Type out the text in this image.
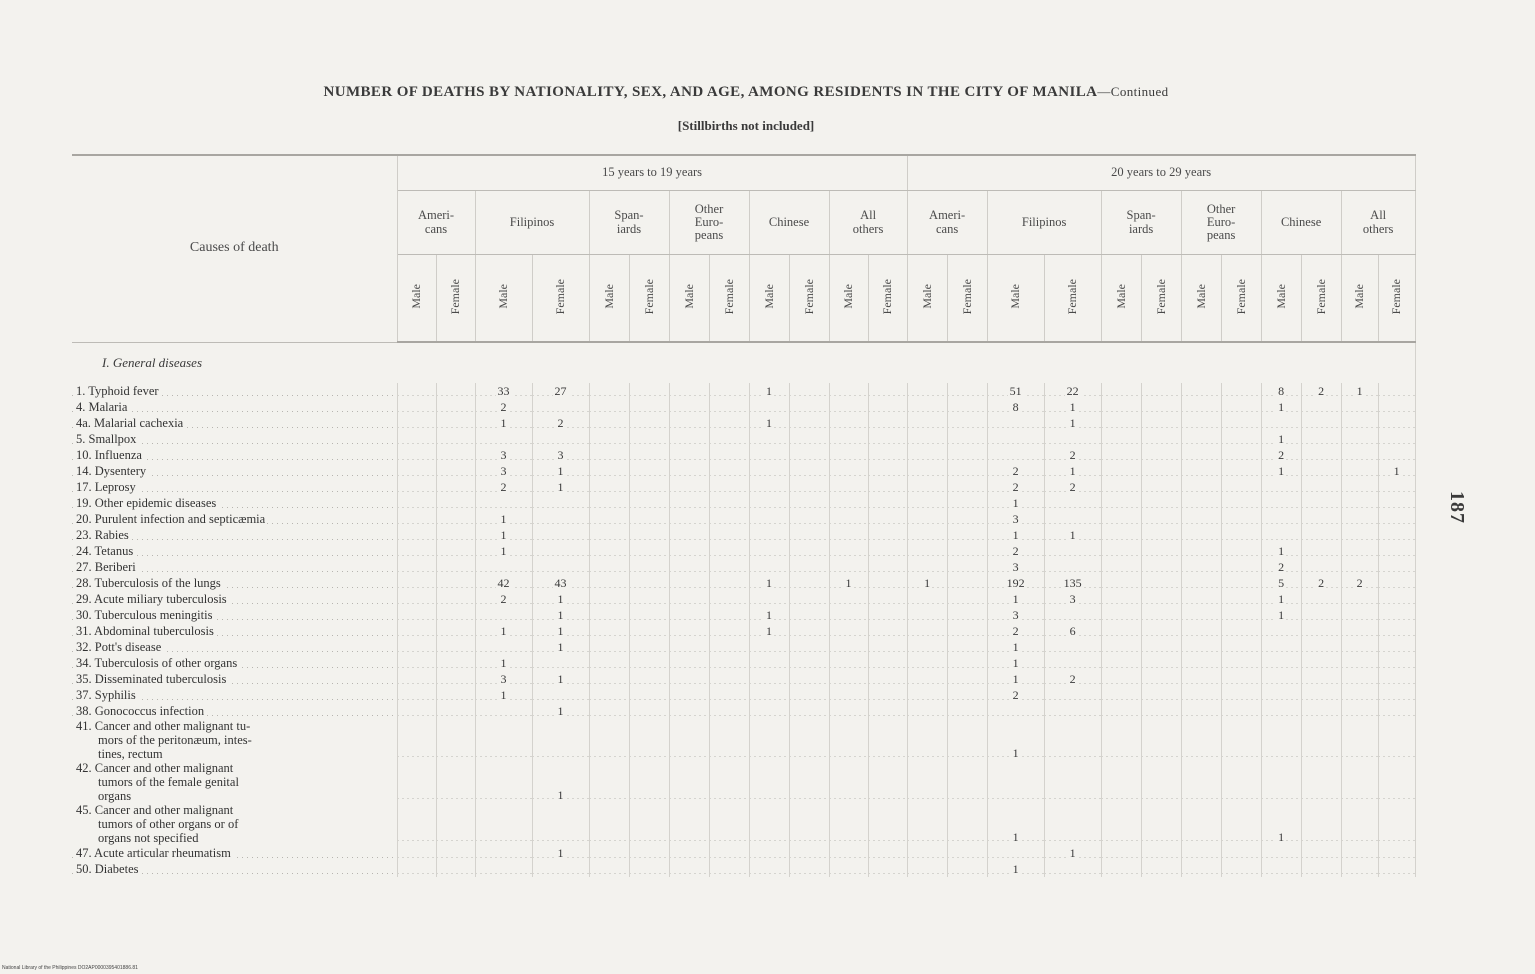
NUMBER OF DEATHS BY NATIONALITY, SEX, AND AGE, AMONG RESIDENTS IN THE CITY OF MANILA—Continued
[Stillbirths not included]
Causes of death	15 years to 19 years												20 years to 29 years											
	Ameri-
cans		Filipinos		Span-
iards		Other
Euro-
peans		Chinese		All
others		Ameri-
cans		Filipinos		Span-
iards		Other
Euro-
peans		Chinese		All
others	
	Male	Female	Male	Female	Male	Female	Male	Female	Male	Female	Male	Female	Male	Female	Male	Female	Male	Female	Male	Female	Male	Female	Male	Female
I. General diseases																								
1. Typhoid fever			33	27					1						51	22					8	2	1	
4. Malaria			2												8	1					1			
4a. Malarial cachexia			1	2					1							1								
5. Smallpox																					1			
10. Influenza			3	3												2					2			
14. Dysentery			3	1											2	1					1			1
17. Leprosy			2	1											2	2								
19. Other epidemic diseases															1									
20. Purulent infection and septicæmia			1												3									
23. Rabies			1												1	1								
24. Tetanus			1												2						1			
27. Beriberi															3						2			
28. Tuberculosis of the lungs			42	43					1		1		1		192	135					5	2	2	
29. Acute miliary tuberculosis			2	1											1	3					1			
30. Tuberculous meningitis				1					1						3						1			
31. Abdominal tuberculosis			1	1					1						2	6								
32. Pott's disease				1											1									
34. Tuberculosis of other organs			1												1									
35. Disseminated tuberculosis			3	1											1	2								
37. Syphilis			1												2									
38. Gonococcus infection				1																				

41. Cancer and other malignant tu-
mors of the peritonæum, intes-
tines, rectum															1									

42. Cancer and other malignant
tumors of the female genital
organs				1																				

45. Cancer and other malignant
tumors of other organs or of
organs not specified															1						1			
47. Acute articular rheumatism				1												1								
50. Diabetes															1									
187
National Library of the Philippines DO2AP0000395401886.81
